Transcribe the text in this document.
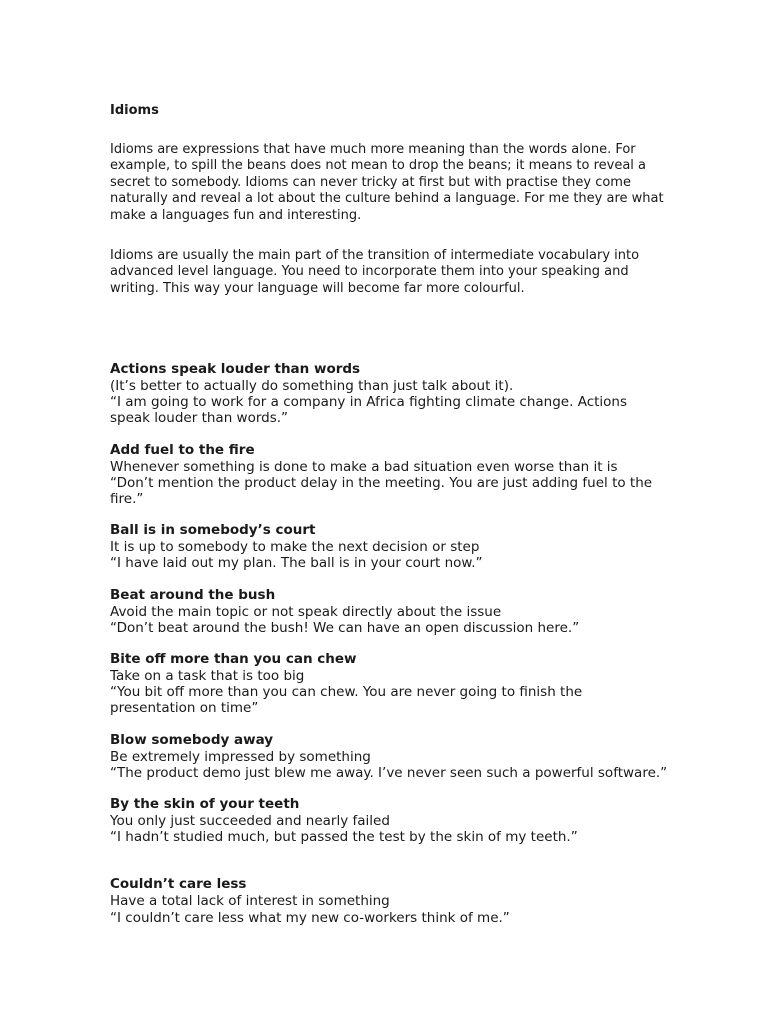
Idioms

Idioms are expressions that have much more meaning than the words alone. For example, to spill the beans does not mean to drop the beans; it means to reveal a secret to somebody. Idioms can never tricky at first but with practise they come naturally and reveal a lot about the culture behind a language. For me they are what make a languages fun and interesting.

Idioms are usually the main part of the transition of intermediate vocabulary into advanced level language. You need to incorporate them into your speaking and writing. This way your language will become far more colourful.

Actions speak louder than words

(It’s better to actually do something than just talk about it).

“I am going to work for a company in Africa fighting climate change. Actions speak louder than words.”

Add fuel to the fire

Whenever something is done to make a bad situation even worse than it is

“Don’t mention the product delay in the meeting. You are just adding fuel to the fire.”

Ball is in somebody’s court

It is up to somebody to make the next decision or step

“I have laid out my plan. The ball is in your court now.”

Beat around the bush

Avoid the main topic or not speak directly about the issue

“Don’t beat around the bush! We can have an open discussion here.”

Bite off more than you can chew

Take on a task that is too big

“You bit off more than you can chew. You are never going to finish the presentation on time”

Blow somebody away

Be extremely impressed by something

“The product demo just blew me away. I’ve never seen such a powerful software.”

By the skin of your teeth

You only just succeeded and nearly failed

“I hadn’t studied much, but passed the test by the skin of my teeth.”

Couldn’t care less

Have a total lack of interest in something

“I couldn’t care less what my new co-workers think of me.”
